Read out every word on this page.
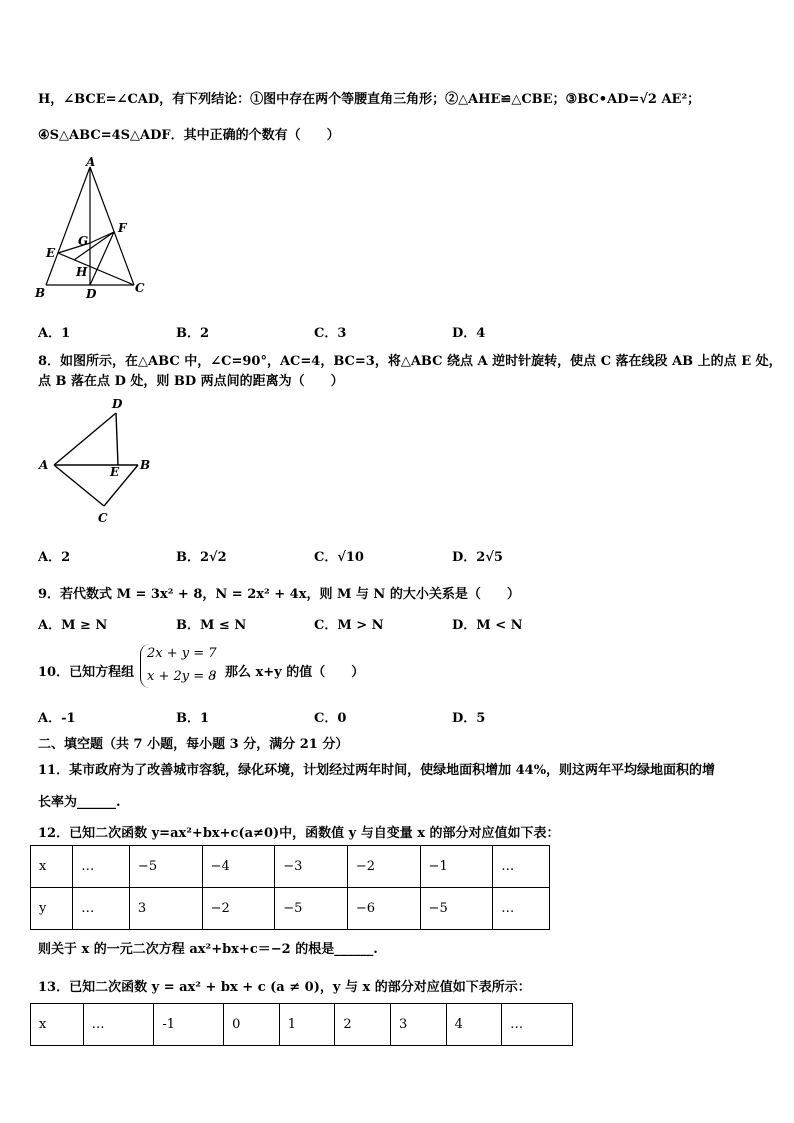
H，∠BCE=∠CAD，有下列结论：①图中存在两个等腰直角三角形；②△AHE≌△CBE；③BC•AD=√2 AE²；
④S△ABC=4S△ADF．其中正确的个数有（　　）
A
B	C
D
E
F
G
H
A．1	B．2	C．3	D．4
8．如图所示，在△ABC 中，∠C=90°，AC=4，BC=3，将△ABC 绕点 A 逆时针旋转，使点 C 落在线段 AB 上的点 E 处，
点 B 落在点 D 处，则 BD 两点间的距离为（　　）
D
A	E B
C
A．2	B．2√2	C．√10	D．2√5
9．若代数式 M = 3x² + 8，N = 2x² + 4x，则 M 与 N 的大小关系是（　　）
A．M ≥ N	B．M ≤ N	C．M > N	D．M < N
10．已知方程组
2x + y = 7
x + 2y = 8
，那么 x+y 的值（　　）
A．-1	B．1	C．0	D．5
二、填空题（共 7 小题，每小题 3 分，满分 21 分）
11．某市政府为了改善城市容貌，绿化环境，计划经过两年时间，使绿地面积增加 44%，则这两年平均绿地面积的增
长率为______.
12．已知二次函数 y=ax²+bx+c(a≠0)中，函数值 y 与自变量 x 的部分对应值如下表：
x	…	−5	−4	−3	−2	−1	…
y	…	3	−2	−5	−6	−5	…
则关于 x 的一元二次方程 ax²+bx+c＝−2 的根是______.
13．已知二次函数 y = ax² + bx + c (a ≠ 0)，y 与 x 的部分对应值如下表所示：
x	…	-1	0	1	2	3	4	…
